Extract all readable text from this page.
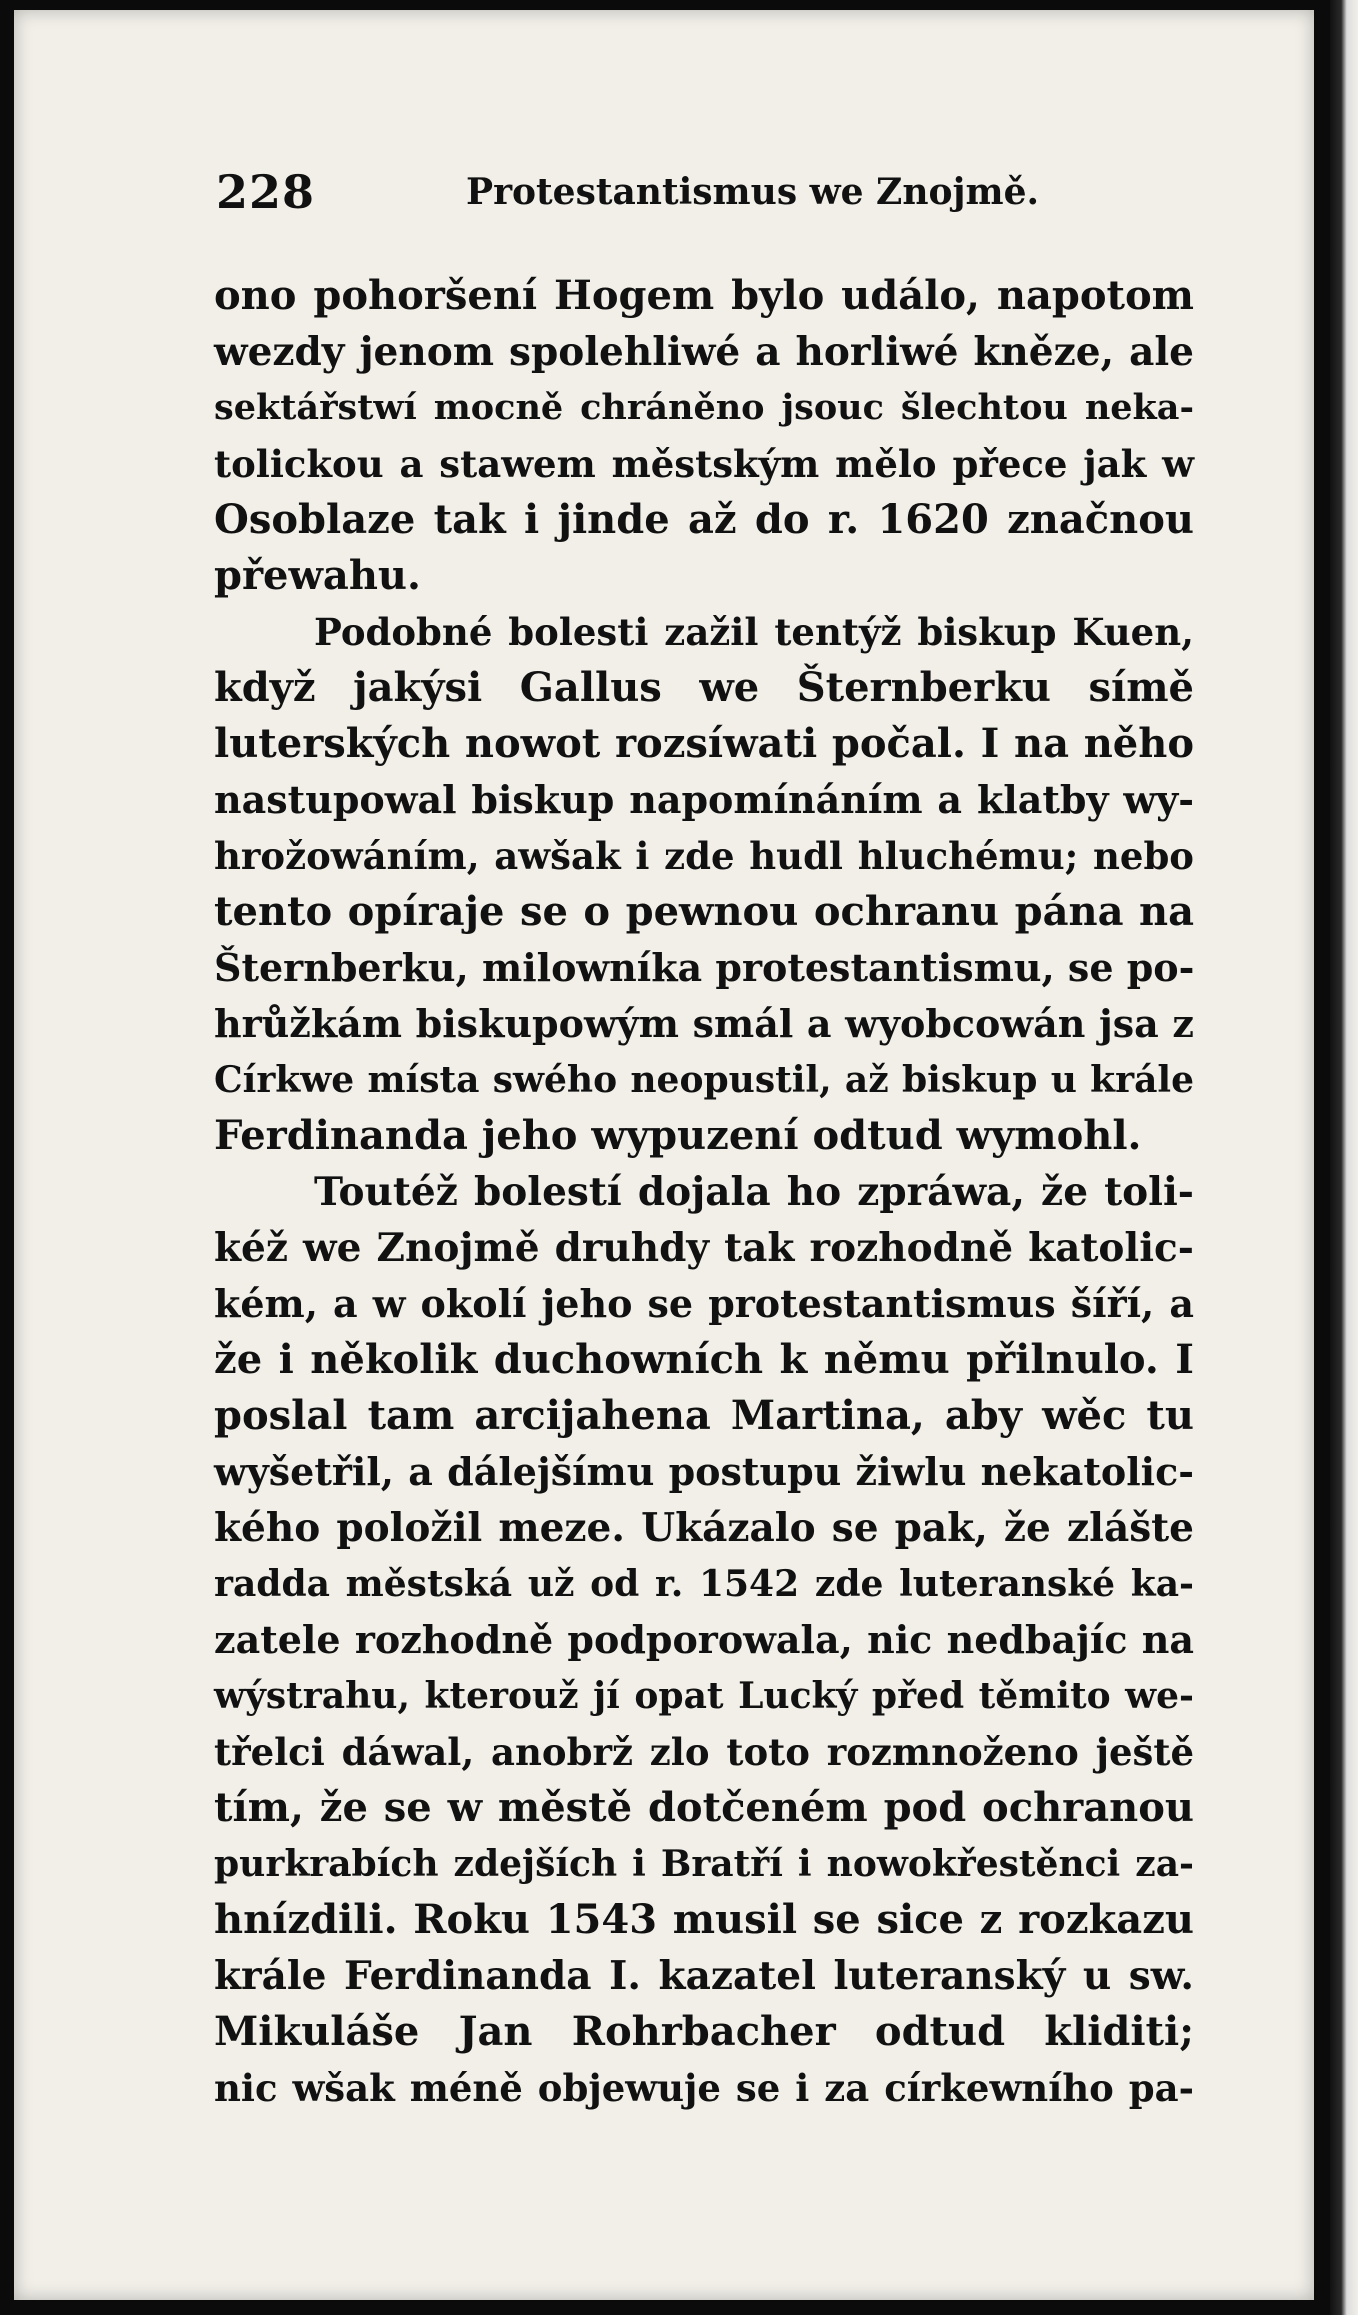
228	Protestantismus we Znojmě.
ono pohoršení Hogem bylo událo, napotom
wezdy jenom spolehliwé a horliwé kněze, ale
sektářstwí mocně chráněno jsouc šlechtou neka-
tolickou a stawem městským mělo přece jak w
Osoblaze tak i jinde až do r. 1620 značnou
přewahu.
Podobné bolesti zažil tentýž biskup Kuen,
když jakýsi Gallus we Šternberku símě
luterských nowot rozsíwati počal. I na něho
nastupowal biskup napomínáním a klatby wy-
hrožowáním, awšak i zde hudl hluchému; nebo
tento opíraje se o pewnou ochranu pána na
Šternberku, milowníka protestantismu, se po-
hrůžkám biskupowým smál a wyobcowán jsa z
Církwe místa swého neopustil, až biskup u krále
Ferdinanda jeho wypuzení odtud wymohl.
Toutéž bolestí dojala ho zpráwa, že toli-
kéž we Znojmě druhdy tak rozhodně katolic-
kém, a w okolí jeho se protestantismus šíří, a
že i několik duchowních k němu přilnulo. I
poslal tam arcijahena Martina, aby wěc tu
wyšetřil, a dálejšímu postupu žiwlu nekatolic-
kého položil meze. Ukázalo se pak, že zlášte
radda městská už od r. 1542 zde luteranské ka-
zatele rozhodně podporowala, nic nedbajíc na
wýstrahu, kterouž jí opat Lucký před těmito we-
třelci dáwal, anobrž zlo toto rozmnoženo ještě
tím, že se w městě dotčeném pod ochranou
purkrabích zdejších i Bratří i nowokřestěnci za-
hnízdili. Roku 1543 musil se sice z rozkazu
krále Ferdinanda I. kazatel luteranský u sw.
Mikuláše Jan Rohrbacher odtud kliditi;
nic wšak méně objewuje se i za církewního pa-
